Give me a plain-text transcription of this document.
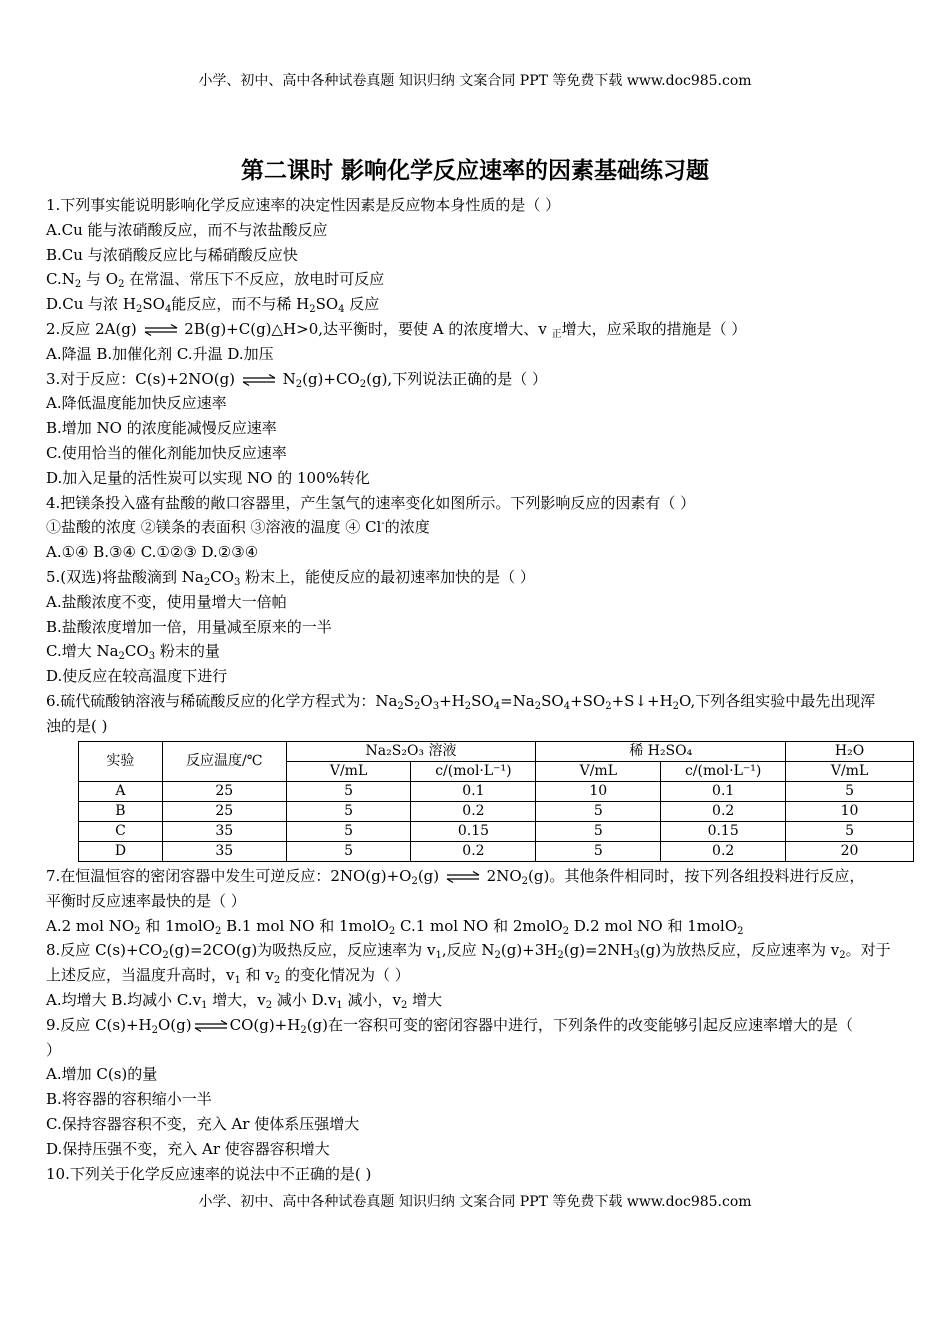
小学、初中、高中各种试卷真题 知识归纳 文案合同 PPT 等免费下载 www.doc985.com
第二课时 影响化学反应速率的因素基础练习题
1.下列事实能说明影响化学反应速率的决定性因素是反应物本身性质的是（ ）
A.Cu 能与浓硝酸反应，而不与浓盐酸反应
B.Cu 与浓硝酸反应比与稀硝酸反应快
$C.N_2$ 与 $O_2$ 在常温、常压下不反应，放电时可反应
D.Cu 与浓 $H_2SO_4$能反应，而不与稀 $H_2SO_4$ 反应
2.反应 2A(g) ⇌ 2B(g)+C(g)△H>0,达平衡时，要使 A 的浓度增大、v $_正$增大，应采取的措施是（ ）
A.降温 B.加催化剂 C.升温 D.加压
3.对于反应：C(s)+2NO(g) ⇌ $N_2(g)+CO_2(g)$,下列说法正确的是（ ）
A.降低温度能加快反应速率
B.增加 NO 的浓度能减慢反应速率
C.使用恰当的催化剂能加快反应速率
D.加入足量的活性炭可以实现 NO 的 100%转化
4.把镁条投入盛有盐酸的敞口容器里，产生氢气的速率变化如图所示。下列影响反应的因素有（ ）
①盐酸的浓度 ②镁条的表面积 ③溶液的温度 ④ Cl-的浓度
A.①④ B.③④ C.①②③ D.②③④
5.(双选)将盐酸滴到 $Na_2CO_3$ 粉末上，能使反应的最初速率加快的是（ ）
A.盐酸浓度不变，使用量增大一倍帕
B.盐酸浓度增加一倍，用量减至原来的一半
C.增大 $Na_2CO_3$ 粉末的量
D.使反应在较高温度下进行
6.硫代硫酸钠溶液与稀硫酸反应的化学方程式为：$Na_2S_2O_3+H_2SO_4=Na_2SO_4+SO_2+S↓+H_2O$,下列各组实验中最先出现浑
浊的是( )
实验	反应温度/℃	Na₂S₂O₃ 溶液		稀 H₂SO₄		H₂O
		V/mL	c/(mol·L⁻¹)	V/mL	c/(mol·L⁻¹)	V/mL
A	25	5	0.1	10	0.1	5
B	25	5	0.2	5	0.2	10
C	35	5	0.15	5	0.15	5
D	35	5	0.2	5	0.2	20
7.在恒温恒容的密闭容器中发生可逆反应：$2NO(g)+O_2(g)$ ⇌ $2NO_2(g)$。其他条件相同时，按下列各组投料进行反应，
平衡时反应速率最快的是（ ）
A.2 mol $NO_2$ 和 1molO$_2$ B.1 mol NO 和 1molO$_2$ C.1 mol NO 和 2molO$_2$ D.2 mol NO 和 1molO$_2$
8.反应 $C(s)+CO_2(g)=2CO(g)$为吸热反应，反应速率为 $v_1$,反应 $N_2(g)+3H_2(g)=2NH_3(g)$为放热反应，反应速率为 $v_2$。对于
上述反应，当温度升高时，$v_1$ 和 $v_2$ 的变化情况为（ ）
A.均增大 B.均减小 $C.v_1$ 增大，$v_2$ 减小 $D.v_1$ 减小，$v_2$ 增大
9.反应 $C(s)+H_2O(g)$ ⇌ $CO(g)+H_2(g)$在一容积可变的密闭容器中进行，下列条件的改变能够引起反应速率增大的是（
）
A.增加 C(s)的量
B.将容器的容积缩小一半
C.保持容器容积不变，充入 Ar 使体系压强增大
D.保持压强不变，充入 Ar 使容器容积增大
10.下列关于化学反应速率的说法中不正确的是( )
小学、初中、高中各种试卷真题 知识归纳 文案合同 PPT 等免费下载 www.doc985.com
